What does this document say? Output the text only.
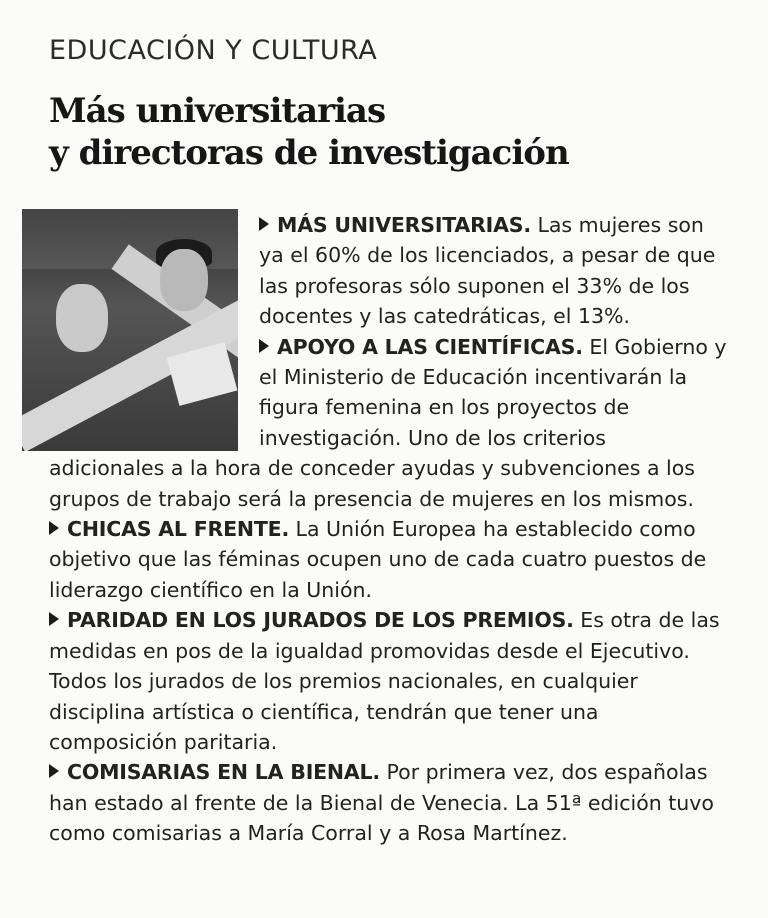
EDUCACIÓN Y CULTURA
Más universitarias
y directoras de investigación
MÁS UNIVERSITARIAS. Las mujeres son
ya el 60% de los licenciados, a pesar de que
las profesoras sólo suponen el 33% de los
docentes y las catedráticas, el 13%.
APOYO A LAS CIENTÍFICAS. El Gobierno y
el Ministerio de Educación incentivarán la
figura femenina en los proyectos de
investigación. Uno de los criterios
adicionales a la hora de conceder ayudas y subvenciones a los
grupos de trabajo será la presencia de mujeres en los mismos.
CHICAS AL FRENTE. La Unión Europea ha establecido como
objetivo que las féminas ocupen uno de cada cuatro puestos de
liderazgo científico en la Unión.
PARIDAD EN LOS JURADOS DE LOS PREMIOS. Es otra de las
medidas en pos de la igualdad promovidas desde el Ejecutivo.
Todos los jurados de los premios nacionales, en cualquier
disciplina artística o científica, tendrán que tener una
composición paritaria.
COMISARIAS EN LA BIENAL. Por primera vez, dos españolas
han estado al frente de la Bienal de Venecia. La 51ª edición tuvo
como comisarias a María Corral y a Rosa Martínez.
